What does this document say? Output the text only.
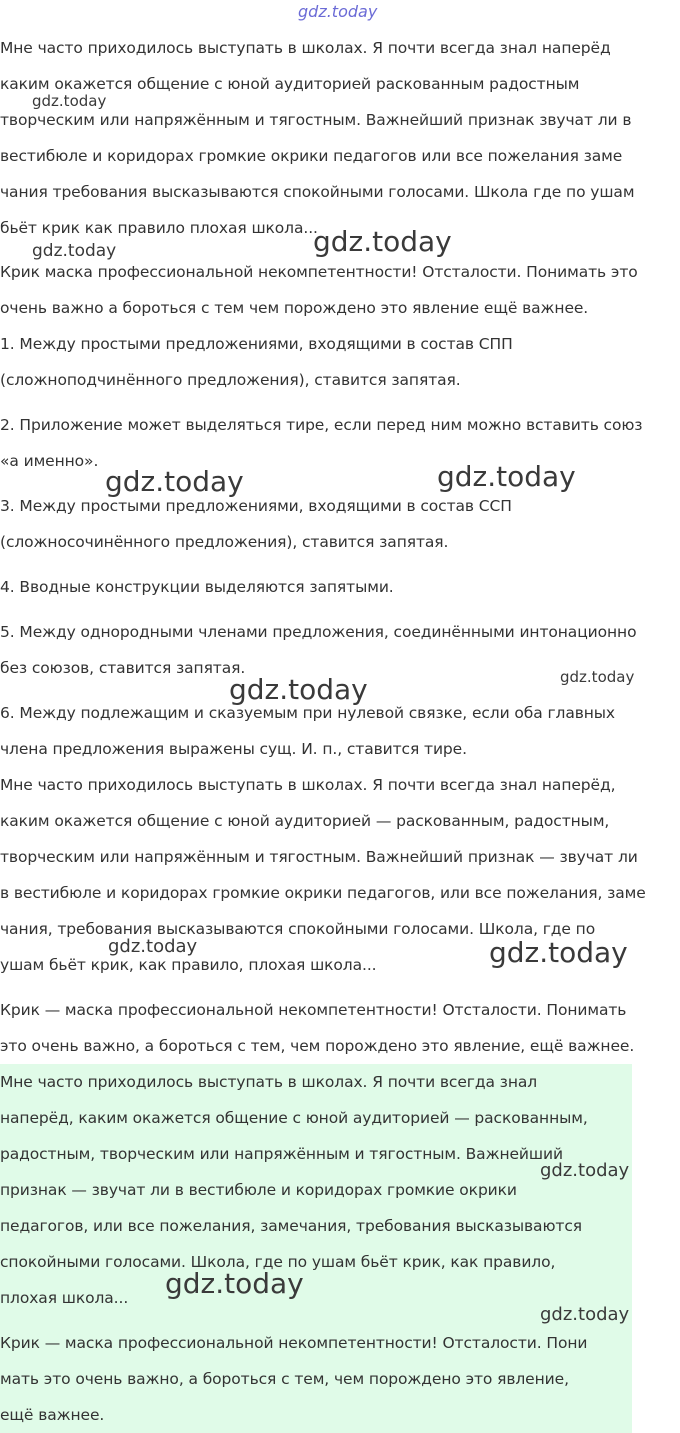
Мне часто приходилось выступать в школах. Я почти всегда знал наперёд
каким окажется общение с юной аудиторией раскованным радостным
творческим или напряжённым и тягостным. Важнейший признак звучат ли в
вестибюле и коридорах громкие окрики педагогов или все пожелания заме
чания требования высказываются спокойными голосами. Школа где по ушам
бьёт крик как правило плохая школа...
Крик маска профессиональной некомпетентности! Отсталости. Понимать это
очень важно а бороться с тем чем порождено это явление ещё важнее.
1. Между простыми предложениями, входящими в состав СПП
(сложноподчинённого предложения), ставится запятая.
2. Приложение может выделяться тире, если перед ним можно вставить союз
«а именно».
3. Между простыми предложениями, входящими в состав ССП
(сложносочинённого предложения), ставится запятая.
4. Вводные конструкции выделяются запятыми.
5. Между однородными членами предложения, соединёнными интонационно
без союзов, ставится запятая.
6. Между подлежащим и сказуемым при нулевой связке, если оба главных
члена предложения выражены сущ. И. п., ставится тире.
Мне часто приходилось выступать в школах. Я почти всегда знал наперёд,
каким окажется общение с юной аудиторией — раскованным, радостным,
творческим или напряжённым и тягостным. Важнейший признак — звучат ли
в вестибюле и коридорах громкие окрики педагогов, или все пожелания, заме
чания, требования высказываются спокойными голосами. Школа, где по
ушам бьёт крик, как правило, плохая школа...
Крик — маска профессиональной некомпетентности! Отсталости. Понимать
это очень важно, а бороться с тем, чем порождено это явление, ещё важнее.
Мне часто приходилось выступать в школах. Я почти всегда знал
наперёд, каким окажется общение с юной аудиторией — раскованным,
радостным, творческим или напряжённым и тягостным. Важнейший
признак — звучат ли в вестибюле и коридорах громкие окрики
педагогов, или все пожелания, замечания, требования высказываются
спокойными голосами. Школа, где по ушам бьёт крик, как правило,
плохая школа...
Крик — маска профессиональной некомпетентности! Отсталости. Пони
мать это очень важно, а бороться с тем, чем порождено это явление,
ещё важнее.
gdz.today
gdz.today
gdz.today
gdz.today
gdz.today	gdz.today
gdz.today	gdz.today
gdz.today	gdz.today
gdz.today
gdz.today
gdz.today
